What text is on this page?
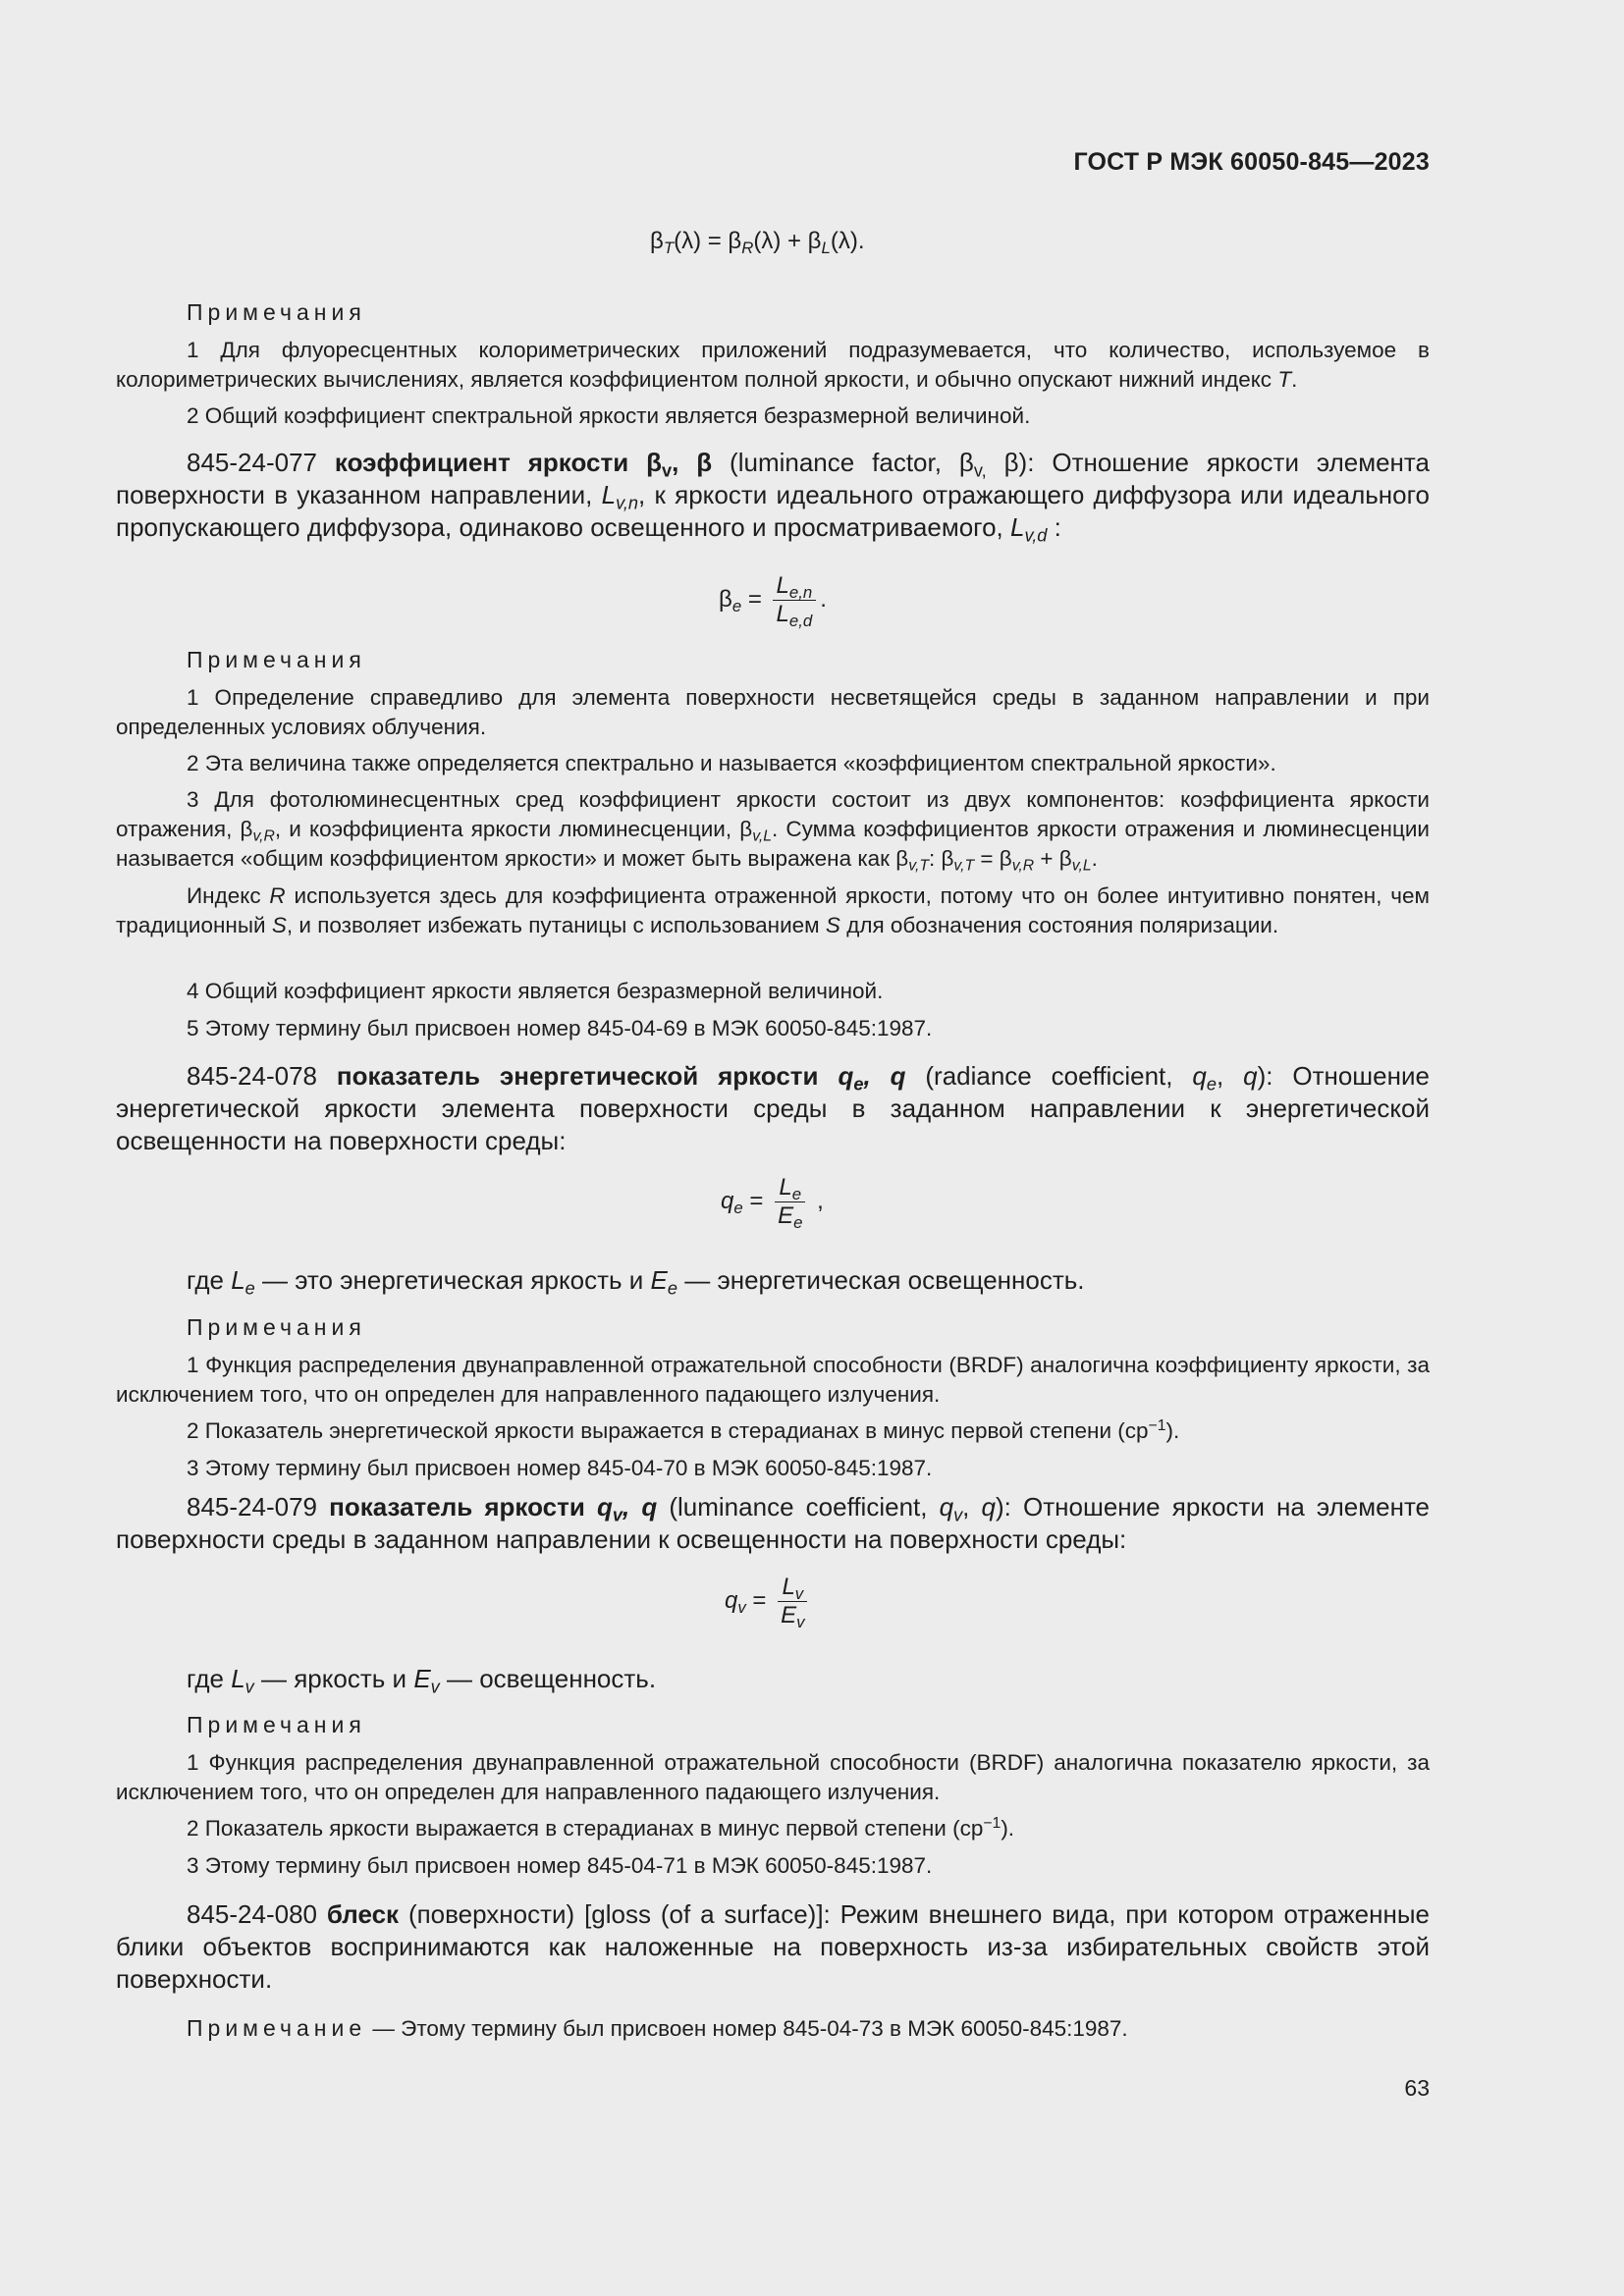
ГОСТ Р МЭК 60050-845—2023
$\beta_T(\lambda) = \beta_R(\lambda) + \beta_L(\lambda)$.
Примечания

1 Для флуоресцентных колориметрических приложений подразумевается, что количество, используемое в колориметрических вычислениях, является коэффициентом полной яркости, и обычно опускают нижний индекс T.

2 Общий коэффициент спектральной яркости является безразмерной величиной.

845-24-077 коэффициент яркости $\beta_v$, β (luminance factor, $\beta_{v,}$ β): Отношение яркости элемента поверхности в указанном направлении, $L_{v,n}$, к яркости идеального отражающего диффузора или идеального пропускающего диффузора, одинаково освещенного и просматриваемого, $L_{v,d}$ :

$\beta_e = \frac{L_{e,n}}{L_{e,d}}$ .
Примечания

1 Определение справедливо для элемента поверхности несветящейся среды в заданном направлении и при определенных условиях облучения.

2 Эта величина также определяется спектрально и называется «коэффициентом спектральной яркости».

3 Для фотолюминесцентных сред коэффициент яркости состоит из двух компонентов: коэффициента яркости отражения, $\beta_{v,R}$, и коэффициента яркости люминесценции, $\beta_{v,L}$. Сумма коэффициентов яркости отражения и люминесценции называется «общим коэффициентом яркости» и может быть выражена как $\beta_{v,T}$: $\beta_{v,T} = \beta_{v,R} + \beta_{v,L}$.

Индекс R используется здесь для коэффициента отраженной яркости, потому что он более интуитивно понятен, чем традиционный S, и позволяет избежать путаницы с использованием S для обозначения состояния поляризации.

4 Общий коэффициент яркости является безразмерной величиной.

5 Этому термину был присвоен номер 845-04-69 в МЭК 60050-845:1987.

845-24-078 показатель энергетической яркости $q_e$, q (radiance coefficient, $q_e$, q): Отношение энергетической яркости элемента поверхности среды в заданном направлении к энергетической освещенности на поверхности среды:

$q_e = \frac{L_e}{E_e}$ ,
где $L_e$ — это энергетическая яркость и $E_e$ — энергетическая освещенность.
Примечания

1 Функция распределения двунаправленной отражательной способности (BRDF) аналогична коэффициенту яркости, за исключением того, что он определен для направленного падающего излучения.

2 Показатель энергетической яркости выражается в стерадианах в минус первой степени $(ср^{-1})$.

3 Этому термину был присвоен номер 845-04-70 в МЭК 60050-845:1987.

845-24-079 показатель яркости $q_v$, q (luminance coefficient, $q_v$, q): Отношение яркости на элементе поверхности среды в заданном направлении к освещенности на поверхности среды:

$q_v = \frac{L_v}{E_v}$
где $L_v$ — яркость и $E_v$ — освещенность.
Примечания

1 Функция распределения двунаправленной отражательной способности (BRDF) аналогична показателю яркости, за исключением того, что он определен для направленного падающего излучения.

2 Показатель яркости выражается в стерадианах в минус первой степени $(ср^{-1})$.

3 Этому термину был присвоен номер 845-04-71 в МЭК 60050-845:1987.

845-24-080 блеск (поверхности) [gloss (of a surface)]: Режим внешнего вида, при котором отраженные блики объектов воспринимаются как наложенные на поверхность из-за избирательных свойств этой поверхности.

Примечание — Этому термину был присвоен номер 845-04-73 в МЭК 60050-845:1987.

63
